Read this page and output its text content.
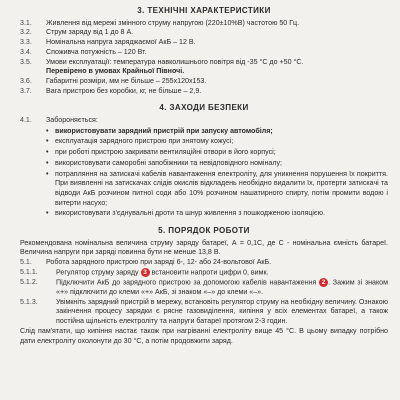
3. ТЕХНІЧНІ ХАРАКТЕРИСТИКИ
3.1.	Живлення від мережі змінного струму напругою (220±10%В) частотою 50 Гц.
3.2.	Струм заряду від 1 до 8 А.
3.3.	Номінальна напруга заряджаємої АкБ – 12 В.
3.4.	Споживча потужність – 120 Вт.
3.5.	Умови експлуатації: температура навколишнього повітря від -35 °С до +50 °С.
Перевірено в умовах Крайньої Півночі.
3.6.	Габаритні розміри, мм не більше – 255х120х153.
3.7.	Вага пристрою без коробки, кг, не більше – 2,9.
4. ЗАХОДИ БЕЗПЕКИ
4.1.	Забороняється:
• використовувати зарядний пристрій при запуску автомобіля;
• експлуатація зарядного пристрою при знятому кожусі;
• при роботі пристрою закривати вентиляційні отвори в його корпусі;
• використовувати саморобні запобіжники та невідповідного номіналу;
• потрапляння на затискачі кабелів навантаження електроліту, для уникнення порушення їх покриття. При виявленні на затискачах слідів окислів відкладень необхідно видалити їх, протерти затискачі та відводи АкБ розчином питної соди або 10% розчином нашатирного спирту, потім промити водою і витерти насухо;
• використовувати з'єднувальні дроти та шнур живлення з пошкодженою ізоляцією.
5. ПОРЯДОК РОБОТИ
Рекомендована номінальна величина струму заряду батареї, А = 0,1С, де С - номінальна ємність батареї. Величина напруги при заряді повинна бути не менше 13,8 В.
5.1.	Робота зарядного пристрою при заряді 6-, 12- або 24-вольтової АкБ.
5.1.1.	Регулятор струму заряду 3 встановити напроти цифри 0, вимк.
5.1.2.	Підключити АкБ до зарядного пристрою за допомогою кабелів навантаження 2 . Зажим зі знаком «+» підключити до клеми «+» АкБ, зі знаком «–» до клеми «–».
5.1.3.	Увімкніть зарядний пристрій в мережу, встановіть регулятор струму на необхідну величину. Ознакою закінчення процесу зарядки є рясне газовиділення, кипіння у всіх елементах батареї, а також постійна щільність електроліту та напруги батареї протягом 2-3 годин.
Слід пам'ятати, що кипіння настає також при нагріванні електроліту вище 45 °С. В цьому випадку потрібно дати електроліту охолонути до 30 °С, а потім продовжити заряд.
